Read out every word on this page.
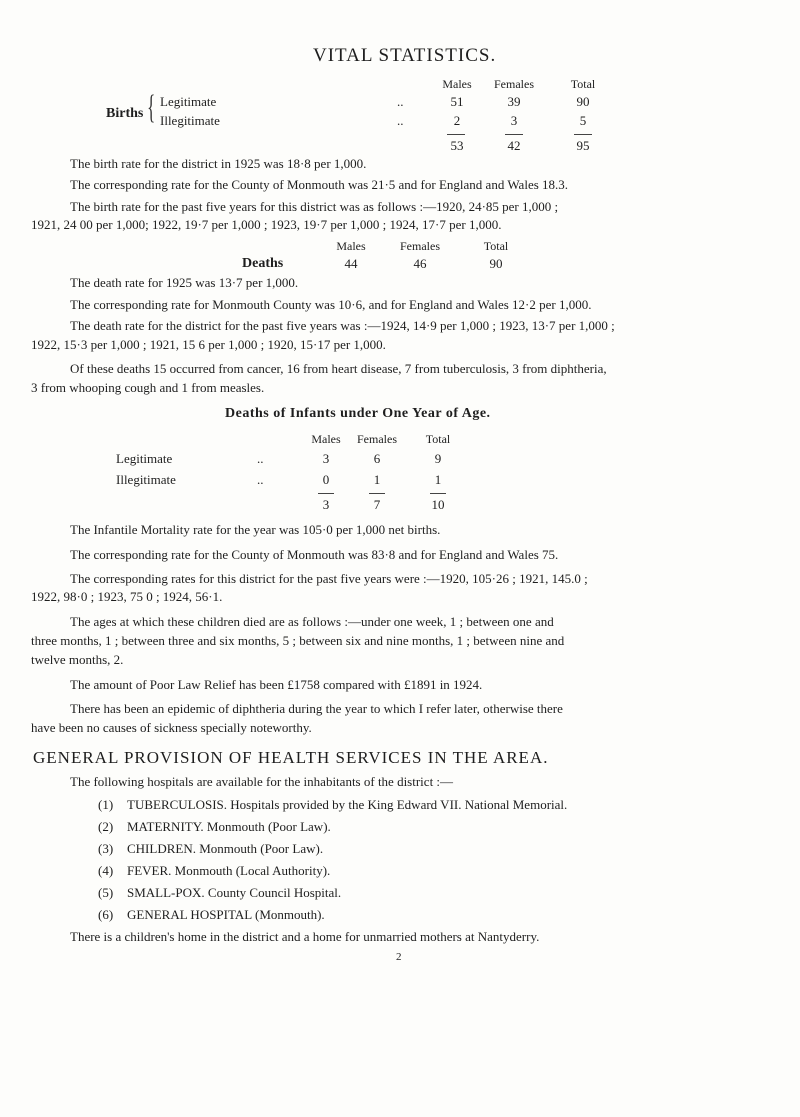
VITAL STATISTICS.
Males	Females	Total
Births { Legitimate	..	51	39	90
Illegitimate	..	2	3	5
53	42	95
The birth rate for the district in 1925 was 18·8 per 1,000.
The corresponding rate for the County of Monmouth was 21·5 and for England and Wales 18.3.
The birth rate for the past five years for this district was as follows :—1920, 24·85 per 1,000 ;
1921, 24 00 per 1,000; 1922, 19·7 per 1,000 ; 1923, 19·7 per 1,000 ; 1924, 17·7 per 1,000.
Males	Females	Total
Deaths	44	46	90
The death rate for 1925 was 13·7 per 1,000.
The corresponding rate for Monmouth County was 10·6, and for England and Wales 12·2 per 1,000.
The death rate for the district for the past five years was :—1924, 14·9 per 1,000 ; 1923, 13·7 per 1,000 ;
1922, 15·3 per 1,000 ; 1921, 15 6 per 1,000 ; 1920, 15·17 per 1,000.
Of these deaths 15 occurred from cancer, 16 from heart disease, 7 from tuberculosis, 3 from diphtheria,
3 from whooping cough and 1 from measles.
Deaths of Infants under One Year of Age.
Males	Females	Total
Legitimate	..	3	6	9
Illegitimate	..	0	1	1
3	7	10
The Infantile Mortality rate for the year was 105·0 per 1,000 net births.
The corresponding rate for the County of Monmouth was 83·8 and for England and Wales 75.
The corresponding rates for this district for the past five years were :—1920, 105·26 ; 1921, 145.0 ;
1922, 98·0 ; 1923, 75 0 ; 1924, 56·1.
The ages at which these children died are as follows :—under one week, 1 ; between one and
three months, 1 ; between three and six months, 5 ; between six and nine months, 1 ; between nine and
twelve months, 2.
The amount of Poor Law Relief has been £1758 compared with £1891 in 1924.
There has been an epidemic of diphtheria during the year to which I refer later, otherwise there
have been no causes of sickness specially noteworthy.
GENERAL PROVISION OF HEALTH SERVICES IN THE AREA.
The following hospitals are available for the inhabitants of the district :—
(1) TUBERCULOSIS. Hospitals provided by the King Edward VII. National Memorial.
(2) MATERNITY. Monmouth (Poor Law).
(3) CHILDREN. Monmouth (Poor Law).
(4) FEVER. Monmouth (Local Authority).
(5) SMALL-POX. County Council Hospital.
(6) GENERAL HOSPITAL (Monmouth).
There is a children's home in the district and a home for unmarried mothers at Nantyderry.
2
